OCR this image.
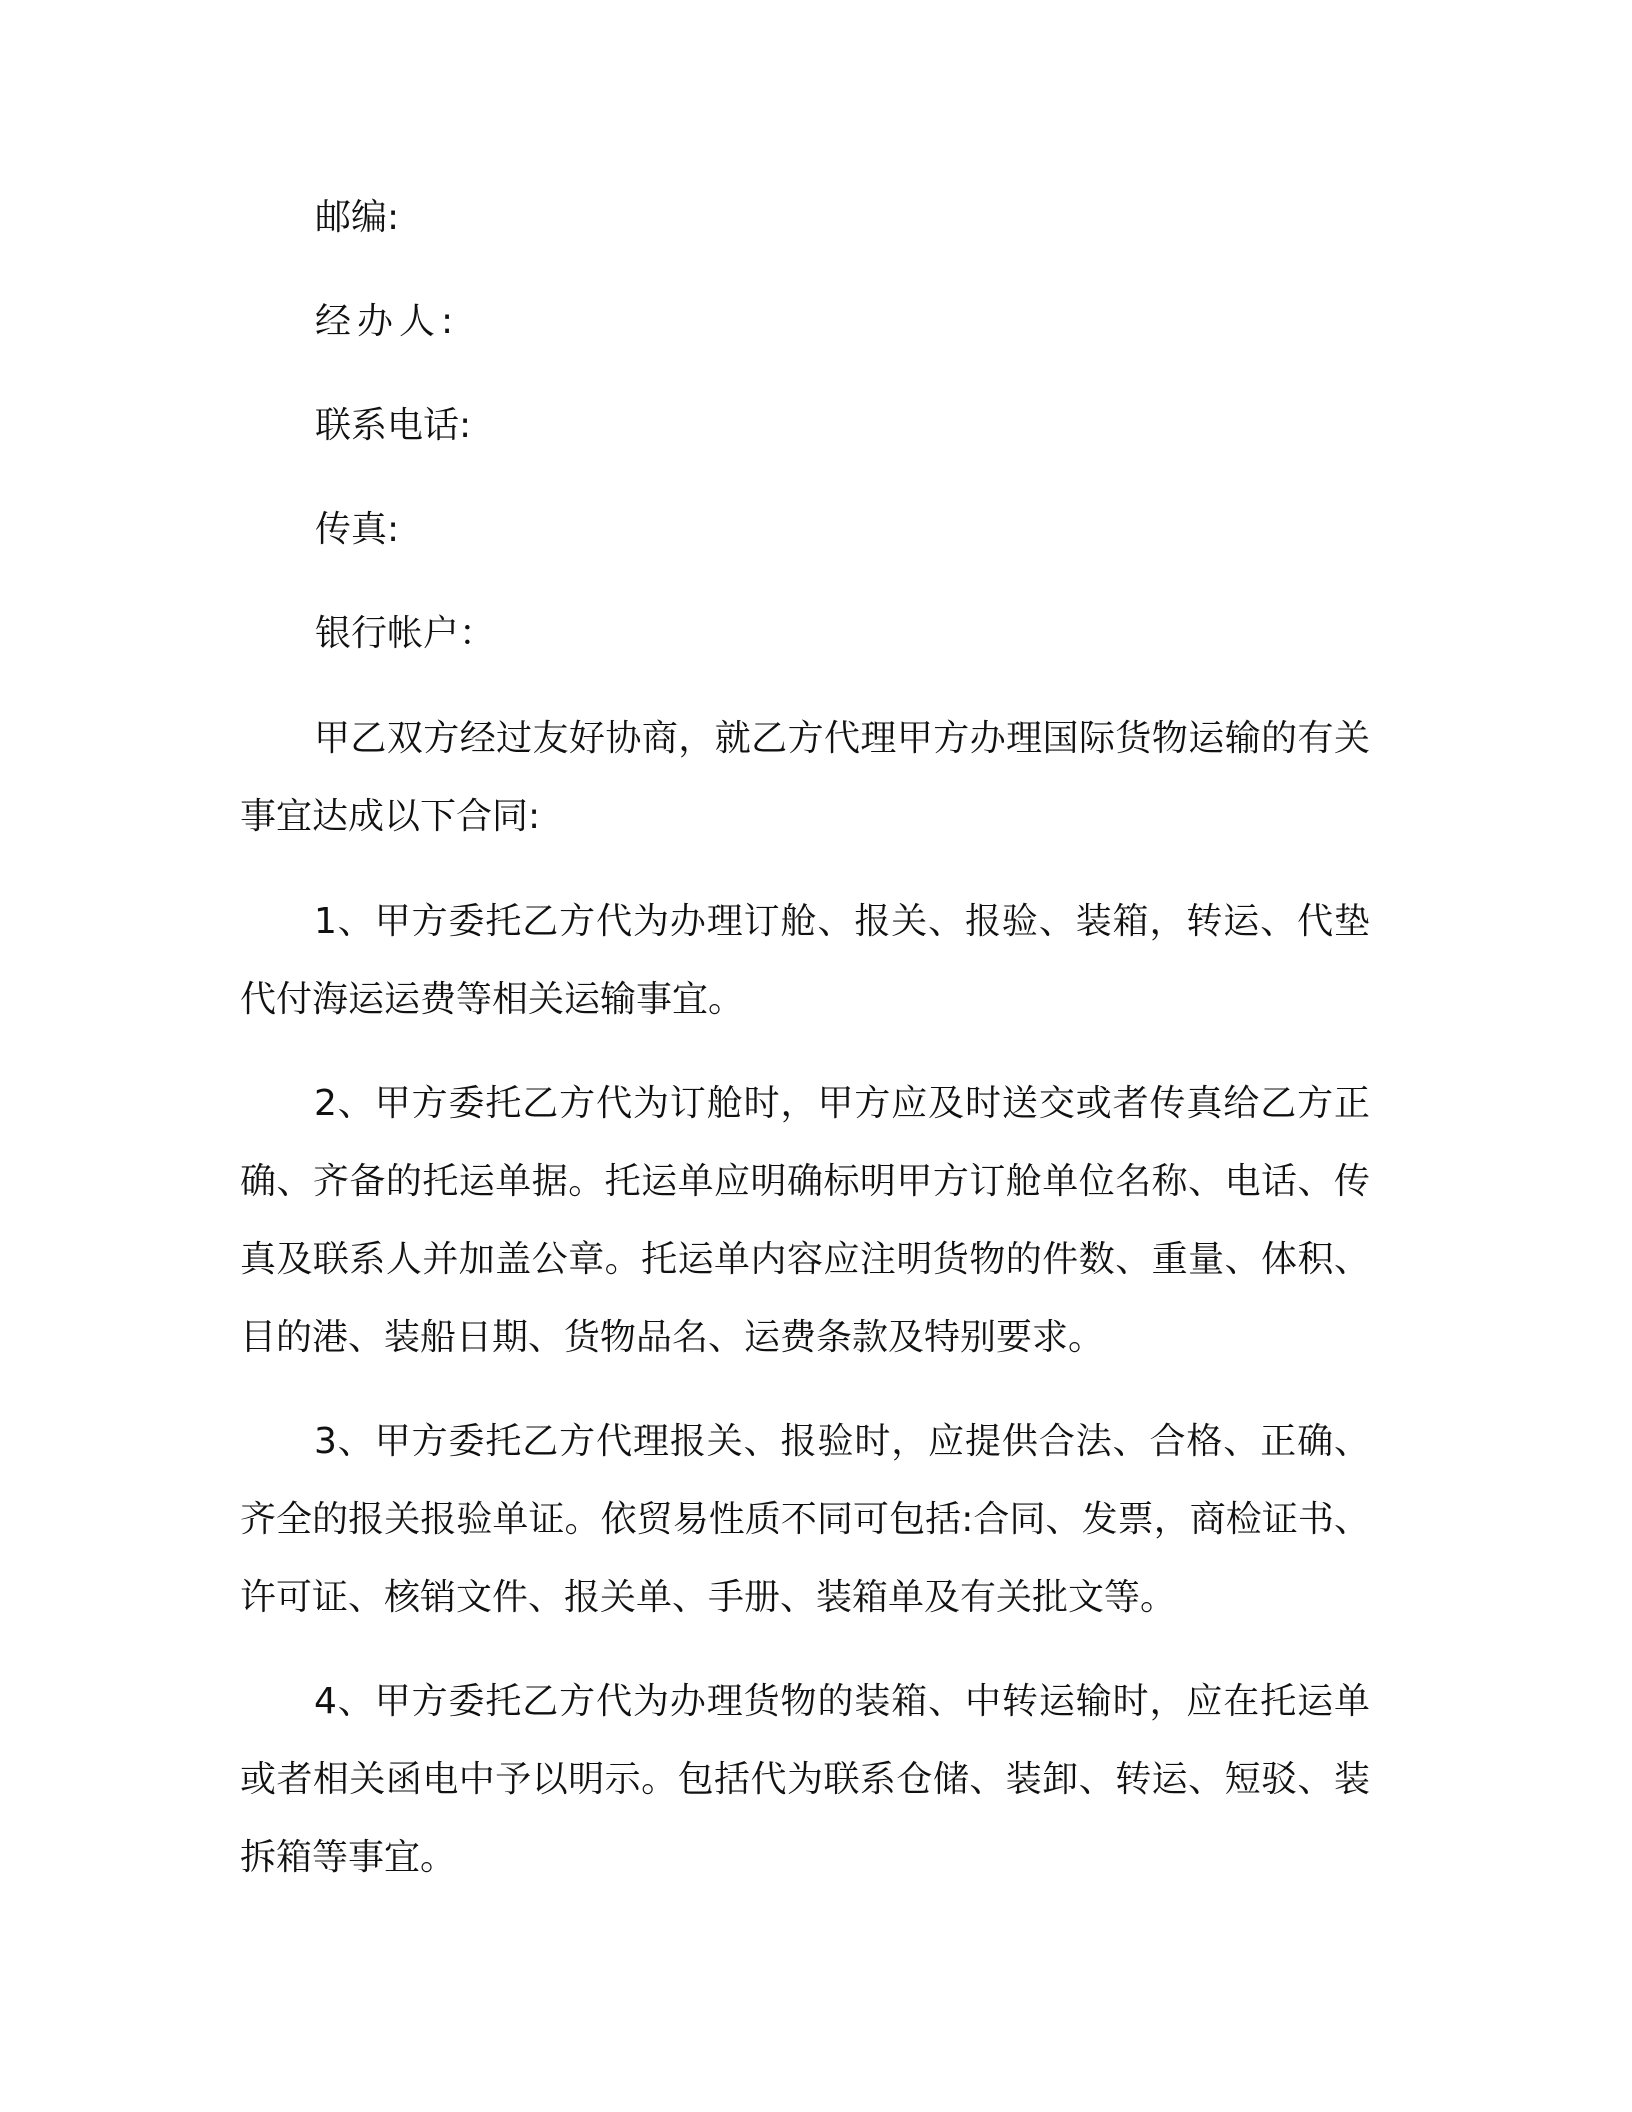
邮编:
经办人:
联系电话:
传真:
银行帐户：

甲乙双方经过友好协商，就乙方代理甲方办理国际货物运输的有关事宜达成以下合同:

1、甲方委托乙方代为办理订舱、报关、报验、装箱，转运、代垫代付海运运费等相关运输事宜。

2、甲方委托乙方代为订舱时，甲方应及时送交或者传真给乙方正确、齐备的托运单据。托运单应明确标明甲方订舱单位名称、电话、传真及联系人并加盖公章。托运单内容应注明货物的件数、重量、体积、目的港、装船日期、货物品名、运费条款及特别要求。

3、甲方委托乙方代理报关、报验时，应提供合法、合格、正确、齐全的报关报验单证。依贸易性质不同可包括:合同、发票，商检证书、许可证、核销文件、报关单、手册、装箱单及有关批文等。

4、甲方委托乙方代为办理货物的装箱、中转运输时，应在托运单或者相关函电中予以明示。包括代为联系仓储、装卸、转运、短驳、装拆箱等事宜。
